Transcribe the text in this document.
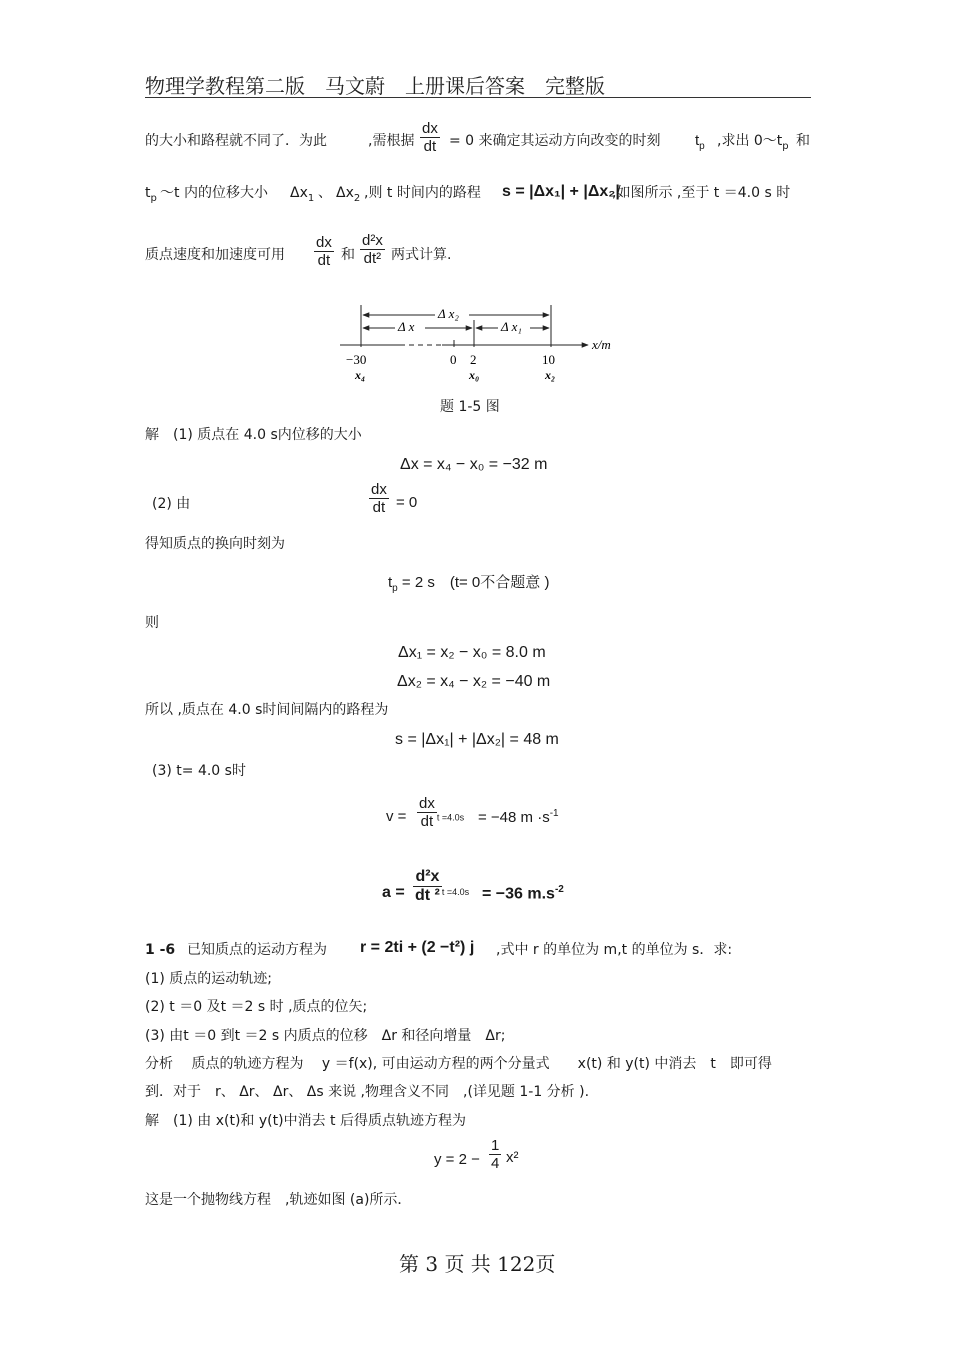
物理学教程第二版　马文蔚　上册课后答案　完整版
的大小和路程就不同了．为此	,需根据 $\frac{dx}{dt} = 0$ 来确定其运动方向改变的时刻 $t_p$ ,求出 $0\sim t_p$ 和
$t_p$ ～t 内的位移大小 $\Delta x_1$ 、 $\Delta x_2$ ,则 t 时间内的路程 s = |Δx₁| + |Δx₂|
,如图所示 ,至于 t ＝4.0 s 时
质点速度和加速度可用 $\frac{dx}{dt}$ 和 $\frac{\text{d²x}}{\text{dt²}}$ 两式计算.
Δ x₂
Δ x	Δ x₁
x/m
−30
x₄
0 2
x₀
10
x₂
题 1-5 图
解　(1) 质点在 4.0 s内位移的大小
Δx = x₄ − x₀ = −32 m
(2) 由	$\frac{dx}{dt} = 0$
得知质点的换向时刻为
$t_p = 2$ s　(t= 0不合题意 )
则
Δx₁ = x₂ − x₀ = 8.0 m
Δx₂ = x₄ − x₂ = −40 m
所以 ,质点在 4.0 s时间间隔内的路程为
s = |Δx₁| + |Δx₂| = 48 m
(3) t= 4.0 s时
$v = \frac{dx}{dt} _{t =4.0s} = -48$ $m \cdot s^{-1}$
$a = \frac{\text{d²x}}{\text{dt ²}} _{t =4.0s} = -36$ $m.s^{-2}$
1 -6 已知质点的运动方程为 r = 2ti + (2 −t²) j ,式中 r 的单位为 m,t 的单位为 s．求:
(1) 质点的运动轨迹;
(2) t ＝0 及t ＝2 s 时 ,质点的位矢;
(3) 由t ＝0 到t ＝2 s 内质点的位移　Δr 和径向增量　Δr;
分析　 质点的轨迹方程为　 y ＝f(x), 可由运动方程的两个分量式　　x(t) 和 y(t) 中消去　t　即可得
到．对于　r、 Δr、 Δr、 Δs 来说 ,物理含义不同　,(详见题 1-1 分析 ).
解　(1) 由 x(t)和 y(t)中消去 t 后得质点轨迹方程为
$y = 2 - \frac{1}{4} x^2$
这是一个抛物线方程　,轨迹如图 (a)所示．
第 3 页 共 122页
